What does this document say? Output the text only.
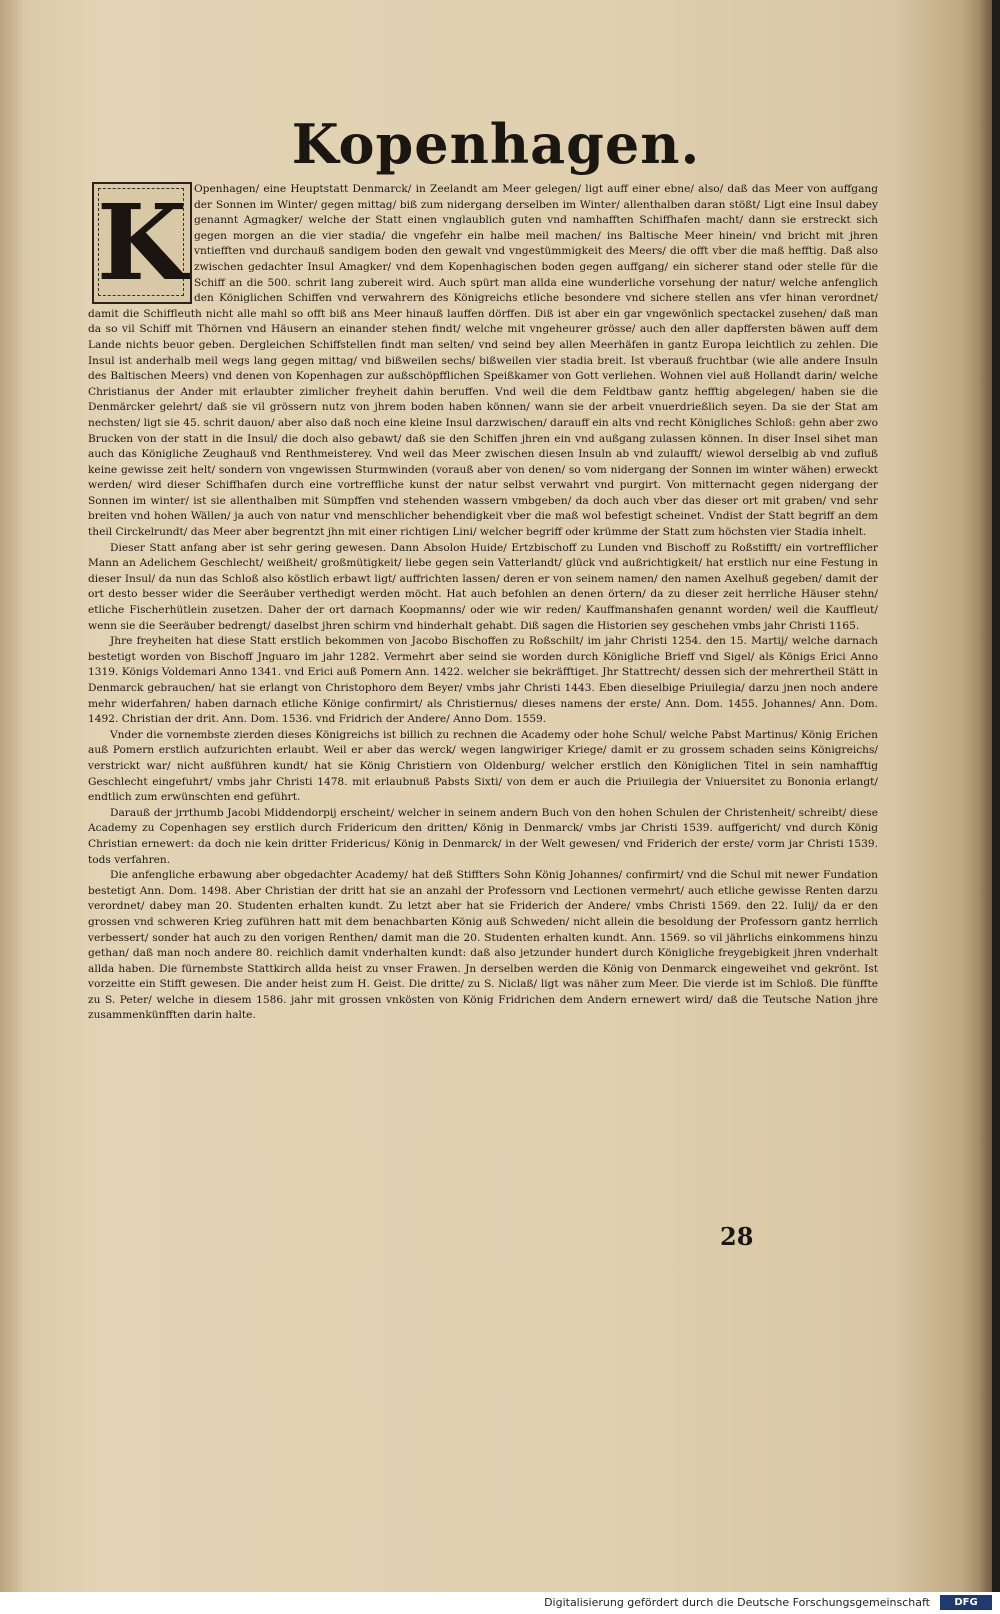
Kopenhagen.
K Openhagen/ eine Heuptstatt Denmarck/ in Zeelandt am Meer gelegen/ ligt auff einer ebne/ also/ daß das Meer von auffgang der Sonnen im Winter/ gegen mittag/ biß zum nidergang derselben im Winter/ allenthalben daran stößt/ Ligt eine Insul dabey genannt Agmagker/ welche der Statt einen vnglaublich guten vnd namhafften Schiffhafen macht/ dann sie erstreckt sich gegen morgen an die vier stadia/ die vngefehr ein halbe meil machen/ ins Baltische Meer hinein/ vnd bricht mit jhren vntiefften vnd durchauß sandigem boden den gewalt vnd vngestümmigkeit des Meers/ die offt vber die maß hefftig. Daß also zwischen gedachter Insul Amagker/ vnd dem Kopenhagischen boden gegen auffgang/ ein sicherer stand oder stelle für die Schiff an die 500. schrit lang zubereit wird. Auch spürt man allda eine wunderliche vorsehung der natur/ welche anfenglich den Königlichen Schiffen vnd verwahrern des Königreichs etliche besondere vnd sichere stellen ans vfer hinan verordnet/ damit die Schiffleuth nicht alle mahl so offt biß ans Meer hinauß lauffen dörffen. Diß ist aber ein gar vngewönlich spectackel zusehen/ daß man da so vil Schiff mit Thörnen vnd Häusern an einander stehen findt/ welche mit vngeheurer grösse/ auch den aller dapffersten bäwen auff dem Lande nichts beuor geben. Dergleichen Schiffstellen findt man selten/ vnd seind bey allen Meerhäfen in gantz Europa leichtlich zu zehlen. Die Insul ist anderhalb meil wegs lang gegen mittag/ vnd bißweilen sechs/ bißweilen vier stadia breit. Ist vberauß fruchtbar (wie alle andere Insuln des Baltischen Meers) vnd denen von Kopenhagen zur außschöpfflichen Speißkamer von Gott verliehen. Wohnen viel auß Hollandt darin/ welche Christianus der Ander mit erlaubter zimlicher freyheit dahin beruffen. Vnd weil die dem Feldtbaw gantz hefftig abgelegen/ haben sie die Denmärcker gelehrt/ daß sie vil grössern nutz von jhrem boden haben können/ wann sie der arbeit vnuerdrießlich seyen. Da sie der Stat am nechsten/ ligt sie 45. schrit dauon/ aber also daß noch eine kleine Insul darzwischen/ darauff ein alts vnd recht Königliches Schloß: gehn aber zwo Brucken von der statt in die Insul/ die doch also gebawt/ daß sie den Schiffen jhren ein vnd außgang zulassen können. In diser Insel sihet man auch das Königliche Zeughauß vnd Renthmeisterey. Vnd weil das Meer zwischen diesen Insuln ab vnd zulaufft/ wiewol derselbig ab vnd zufluß keine gewisse zeit helt/ sondern von vngewissen Sturmwinden (vorauß aber von denen/ so vom nidergang der Sonnen im winter wähen) erweckt werden/ wird dieser Schiffhafen durch eine vortreffliche kunst der natur selbst verwahrt vnd purgirt. Von mitternacht gegen nidergang der Sonnen im winter/ ist sie allenthalben mit Sümpffen vnd stehenden wassern vmbgeben/ da doch auch vber das dieser ort mit graben/ vnd sehr breiten vnd hohen Wällen/ ja auch von natur vnd menschlicher behendigkeit vber die maß wol befestigt scheinet. Vndist der Statt begriff an dem theil Circkelrundt/ das Meer aber begrentzt jhn mit einer richtigen Lini/ welcher begriff oder krümme der Statt zum höchsten vier Stadia inhelt.

Dieser Statt anfang aber ist sehr gering gewesen. Dann Absolon Huide/ Ertzbischoff zu Lunden vnd Bischoff zu Roßstifft/ ein vortrefflicher Mann an Adelichem Geschlecht/ weißheit/ großmütigkeit/ liebe gegen sein Vatterlandt/ glück vnd außrichtigkeit/ hat erstlich nur eine Festung in dieser Insul/ da nun das Schloß also köstlich erbawt ligt/ auffrichten lassen/ deren er von seinem namen/ den namen Axelhuß gegeben/ damit der ort desto besser wider die Seeräuber verthedigt werden möcht. Hat auch befohlen an denen örtern/ da zu dieser zeit herrliche Häuser stehn/ etliche Fischerhütlein zusetzen. Daher der ort darnach Koopmanns/ oder wie wir reden/ Kauffmanshafen genannt worden/ weil die Kauffleut/ wenn sie die Seeräuber bedrengt/ daselbst jhren schirm vnd hinderhalt gehabt. Diß sagen die Historien sey geschehen vmbs jahr Christi 1165.

Jhre freyheiten hat diese Statt erstlich bekommen von Jacobo Bischoffen zu Roßschilt/ im jahr Christi 1254. den 15. Martij/ welche darnach bestetigt worden von Bischoff Jnguaro im jahr 1282. Vermehrt aber seind sie worden durch Königliche Brieff vnd Sigel/ als Königs Erici Anno 1319. Königs Voldemari Anno 1341. vnd Erici auß Pomern Ann. 1422. welcher sie bekräfftiget. Jhr Stattrecht/ dessen sich der mehrertheil Stätt in Denmarck gebrauchen/ hat sie erlangt von Christophoro dem Beyer/ vmbs jahr Christi 1443. Eben dieselbige Priuilegia/ darzu jnen noch andere mehr widerfahren/ haben darnach etliche Könige confirmirt/ als Christiernus/ dieses namens der erste/ Ann. Dom. 1455. Johannes/ Ann. Dom. 1492. Christian der drit. Ann. Dom. 1536. vnd Fridrich der Andere/ Anno Dom. 1559.

Vnder die vornembste zierden dieses Königreichs ist billich zu rechnen die Academy oder hohe Schul/ welche Pabst Martinus/ König Erichen auß Pomern erstlich aufzurichten erlaubt. Weil er aber das werck/ wegen langwiriger Kriege/ damit er zu grossem schaden seins Königreichs/ verstrickt war/ nicht außführen kundt/ hat sie König Christiern von Oldenburg/ welcher erstlich den Königlichen Titel in sein namhafftig Geschlecht eingefuhrt/ vmbs jahr Christi 1478. mit erlaubnuß Pabsts Sixti/ von dem er auch die Priuilegia der Vniuersitet zu Bononia erlangt/ endtlich zum erwünschten end geführt.

Darauß der jrrthumb Jacobi Middendorpij erscheint/ welcher in seinem andern Buch von den hohen Schulen der Christenheit/ schreibt/ diese Academy zu Copenhagen sey erstlich durch Fridericum den dritten/ König in Denmarck/ vmbs jar Christi 1539. auffgericht/ vnd durch König Christian ernewert: da doch nie kein dritter Fridericus/ König in Denmarck/ in der Welt gewesen/ vnd Friderich der erste/ vorm jar Christi 1539. tods verfahren.

Die anfengliche erbawung aber obgedachter Academy/ hat deß Stiffters Sohn König Johannes/ confirmirt/ vnd die Schul mit newer Fundation bestetigt Ann. Dom. 1498. Aber Christian der dritt hat sie an anzahl der Professorn vnd Lectionen vermehrt/ auch etliche gewisse Renten darzu verordnet/ dabey man 20. Studenten erhalten kundt. Zu letzt aber hat sie Friderich der Andere/ vmbs Christi 1569. den 22. Iulij/ da er den grossen vnd schweren Krieg zuführen hatt mit dem benachbarten König auß Schweden/ nicht allein die besoldung der Professorn gantz herrlich verbessert/ sonder hat auch zu den vorigen Renthen/ damit man die 20. Studenten erhalten kundt. Ann. 1569. so vil jährlichs einkommens hinzu gethan/ daß man noch andere 80. reichlich damit vnderhalten kundt: daß also jetzunder hundert durch Königliche freygebigkeit jhren vnderhalt allda haben. Die fürnembste Stattkirch allda heist zu vnser Frawen. Jn derselben werden die König von Denmarck eingeweihet vnd gekrönt. Ist vorzeitte ein Stifft gewesen. Die ander heist zum H. Geist. Die dritte/ zu S. Niclaß/ ligt was näher zum Meer. Die vierde ist im Schloß. Die fünffte zu S. Peter/ welche in diesem 1586. jahr mit grossen vnkösten von König Fridrichen dem Andern ernewert wird/ daß die Teutsche Nation jhre zusammenkünfften darin halte.

28
Digitalisierung gefördert durch die Deutsche Forschungsgemeinschaft	DFG
